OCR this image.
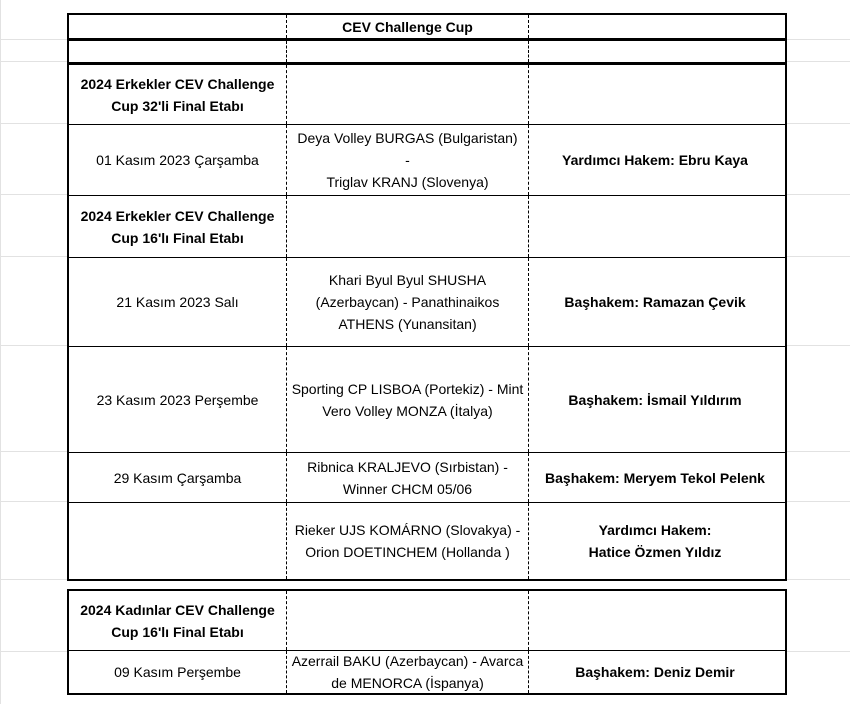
CEV Challenge Cup
2024 Erkekler CEV Challenge Cup 32'li Final Etabı
01 Kasım 2023 Çarşamba
Deya Volley BURGAS (Bulgaristan)
-
Triglav KRANJ (Slovenya)
Yardımcı Hakem: Ebru Kaya
2024 Erkekler CEV Challenge Cup 16'lı Final Etabı
21 Kasım 2023 Salı
Khari Byul Byul SHUSHA (Azerbaycan) - Panathinaikos ATHENS (Yunansitan)
Başhakem: Ramazan Çevik
23 Kasım 2023 Perşembe
Sporting CP LISBOA (Portekiz) - Mint Vero Volley MONZA (İtalya)
Başhakem: İsmail Yıldırım
29 Kasım Çarşamba
Ribnica KRALJEVO (Sırbistan) - Winner CHCM 05/06
Başhakem: Meryem Tekol Pelenk
Rieker UJS KOMÁRNO (Slovakya) - Orion DOETINCHEM (Hollanda )
Yardımcı Hakem:
Hatice Özmen Yıldız
2024 Kadınlar CEV Challenge Cup 16'lı Final Etabı
09 Kasım Perşembe
Azerrail BAKU (Azerbaycan) - Avarca de MENORCA (İspanya)
Başhakem: Deniz Demir
